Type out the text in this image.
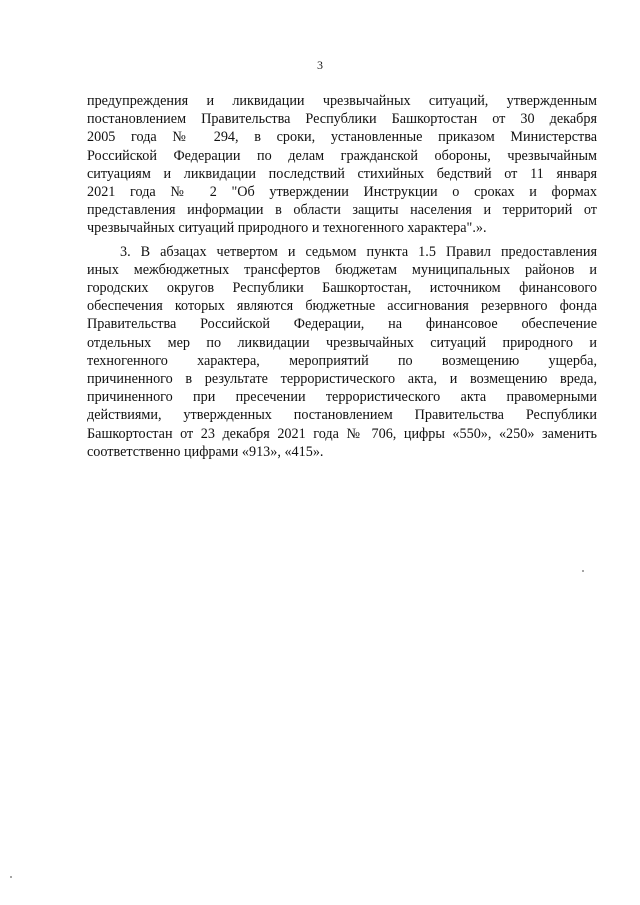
3

предупреждения и ликвидации чрезвычайных ситуаций, утвержденным
постановлением Правительства Республики Башкортостан от 30 декабря
2005 года № 294, в сроки, установленные приказом Министерства
Российской Федерации по делам гражданской обороны, чрезвычайным
ситуациям и ликвидации последствий стихийных бедствий от 11 января
2021 года № 2 "Об утверждении Инструкции о сроках и формах
представления информации в области защиты населения и территорий от
чрезвычайных ситуаций природного и техногенного характера".».

3. В абзацах четвертом и седьмом пункта 1.5 Правил предоставления
иных межбюджетных трансфертов бюджетам муниципальных районов и
городских округов Республики Башкортостан, источником финансового
обеспечения которых являются бюджетные ассигнования резервного фонда
Правительства Российской Федерации, на финансовое обеспечение
отдельных мер по ликвидации чрезвычайных ситуаций природного и
техногенного характера, мероприятий по возмещению ущерба,
причиненного в результате террористического акта, и возмещению вреда,
причиненного при пресечении террористического акта правомерными
действиями, утвержденных постановлением Правительства Республики
Башкортостан от 23 декабря 2021 года № 706, цифры «550», «250» заменить
соответственно цифрами «913», «415».
